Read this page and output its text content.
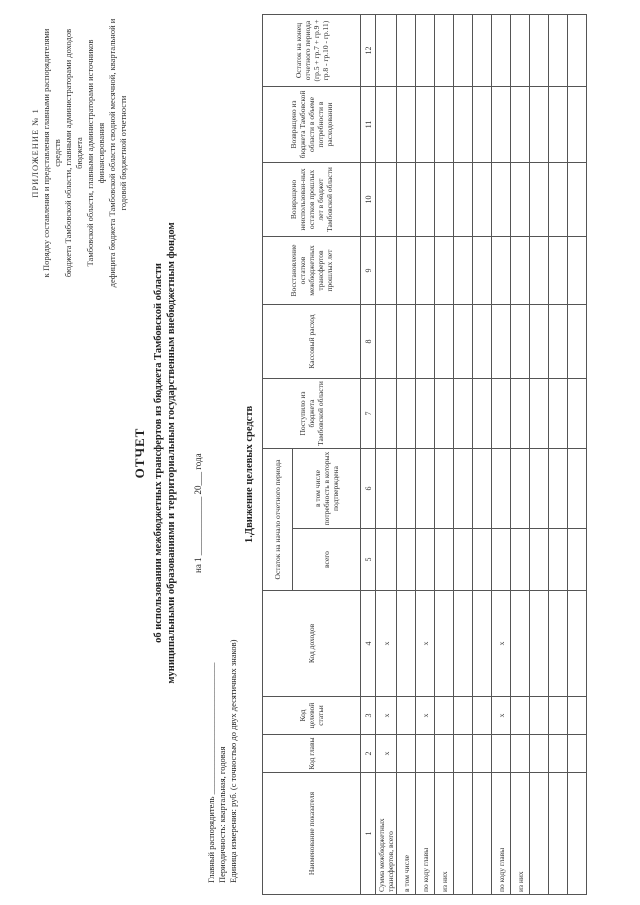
ПРИЛОЖЕНИЕ № 1 к Порядку составления и представления главными распорядителями средств бюджета Тамбовской области, главными администраторами доходов бюджета Тамбовской области, главными администраторами источников финансирования дефицита бюджета Тамбовской области сводной месячной, квартальной и годовой бюджетной отчетности
ОТЧЕТ об использовании межбюджетных трансфертов из бюджета Тамбовской области муниципальными образованиями и территориальным государственным внебюджетным фондом на 1 _____________ 20___ года
Главный распорядитель _______________________________ Периодичность: квартальная, годовая Единица измерения: руб. (с точностью до двух десятичных знаков)
1.Движение целевых средств
Наименование показателя	Код главы	Код целевой статьи	Код доходов	Остаток на начало отчетного периода		Поступило из бюджета Тамбовской области	Кассовый расход	Восстановление остатков межбюджетных трансфертов прошлых лет	Возвращено неиспользован-ных остатков прошлых лет в бюджет Тамбовской области	Возвращено из бюджета Тамбовской области в объеме потребности в расходовании	Остаток на конец отчетного периода (гр.5 + гр.7 + гр.9 + гр.8 - гр.10 - гр.11)
				всего	в том числе потребность в которых подтверждена						
1	2	3	4	5	6	7	8	9	10	11	12
Сумма межбюджетных трансфертов, всего	x	x	x								
в том числе											
по коду главы		x	x								
из них											

по коду главы		x	x								
из них											
